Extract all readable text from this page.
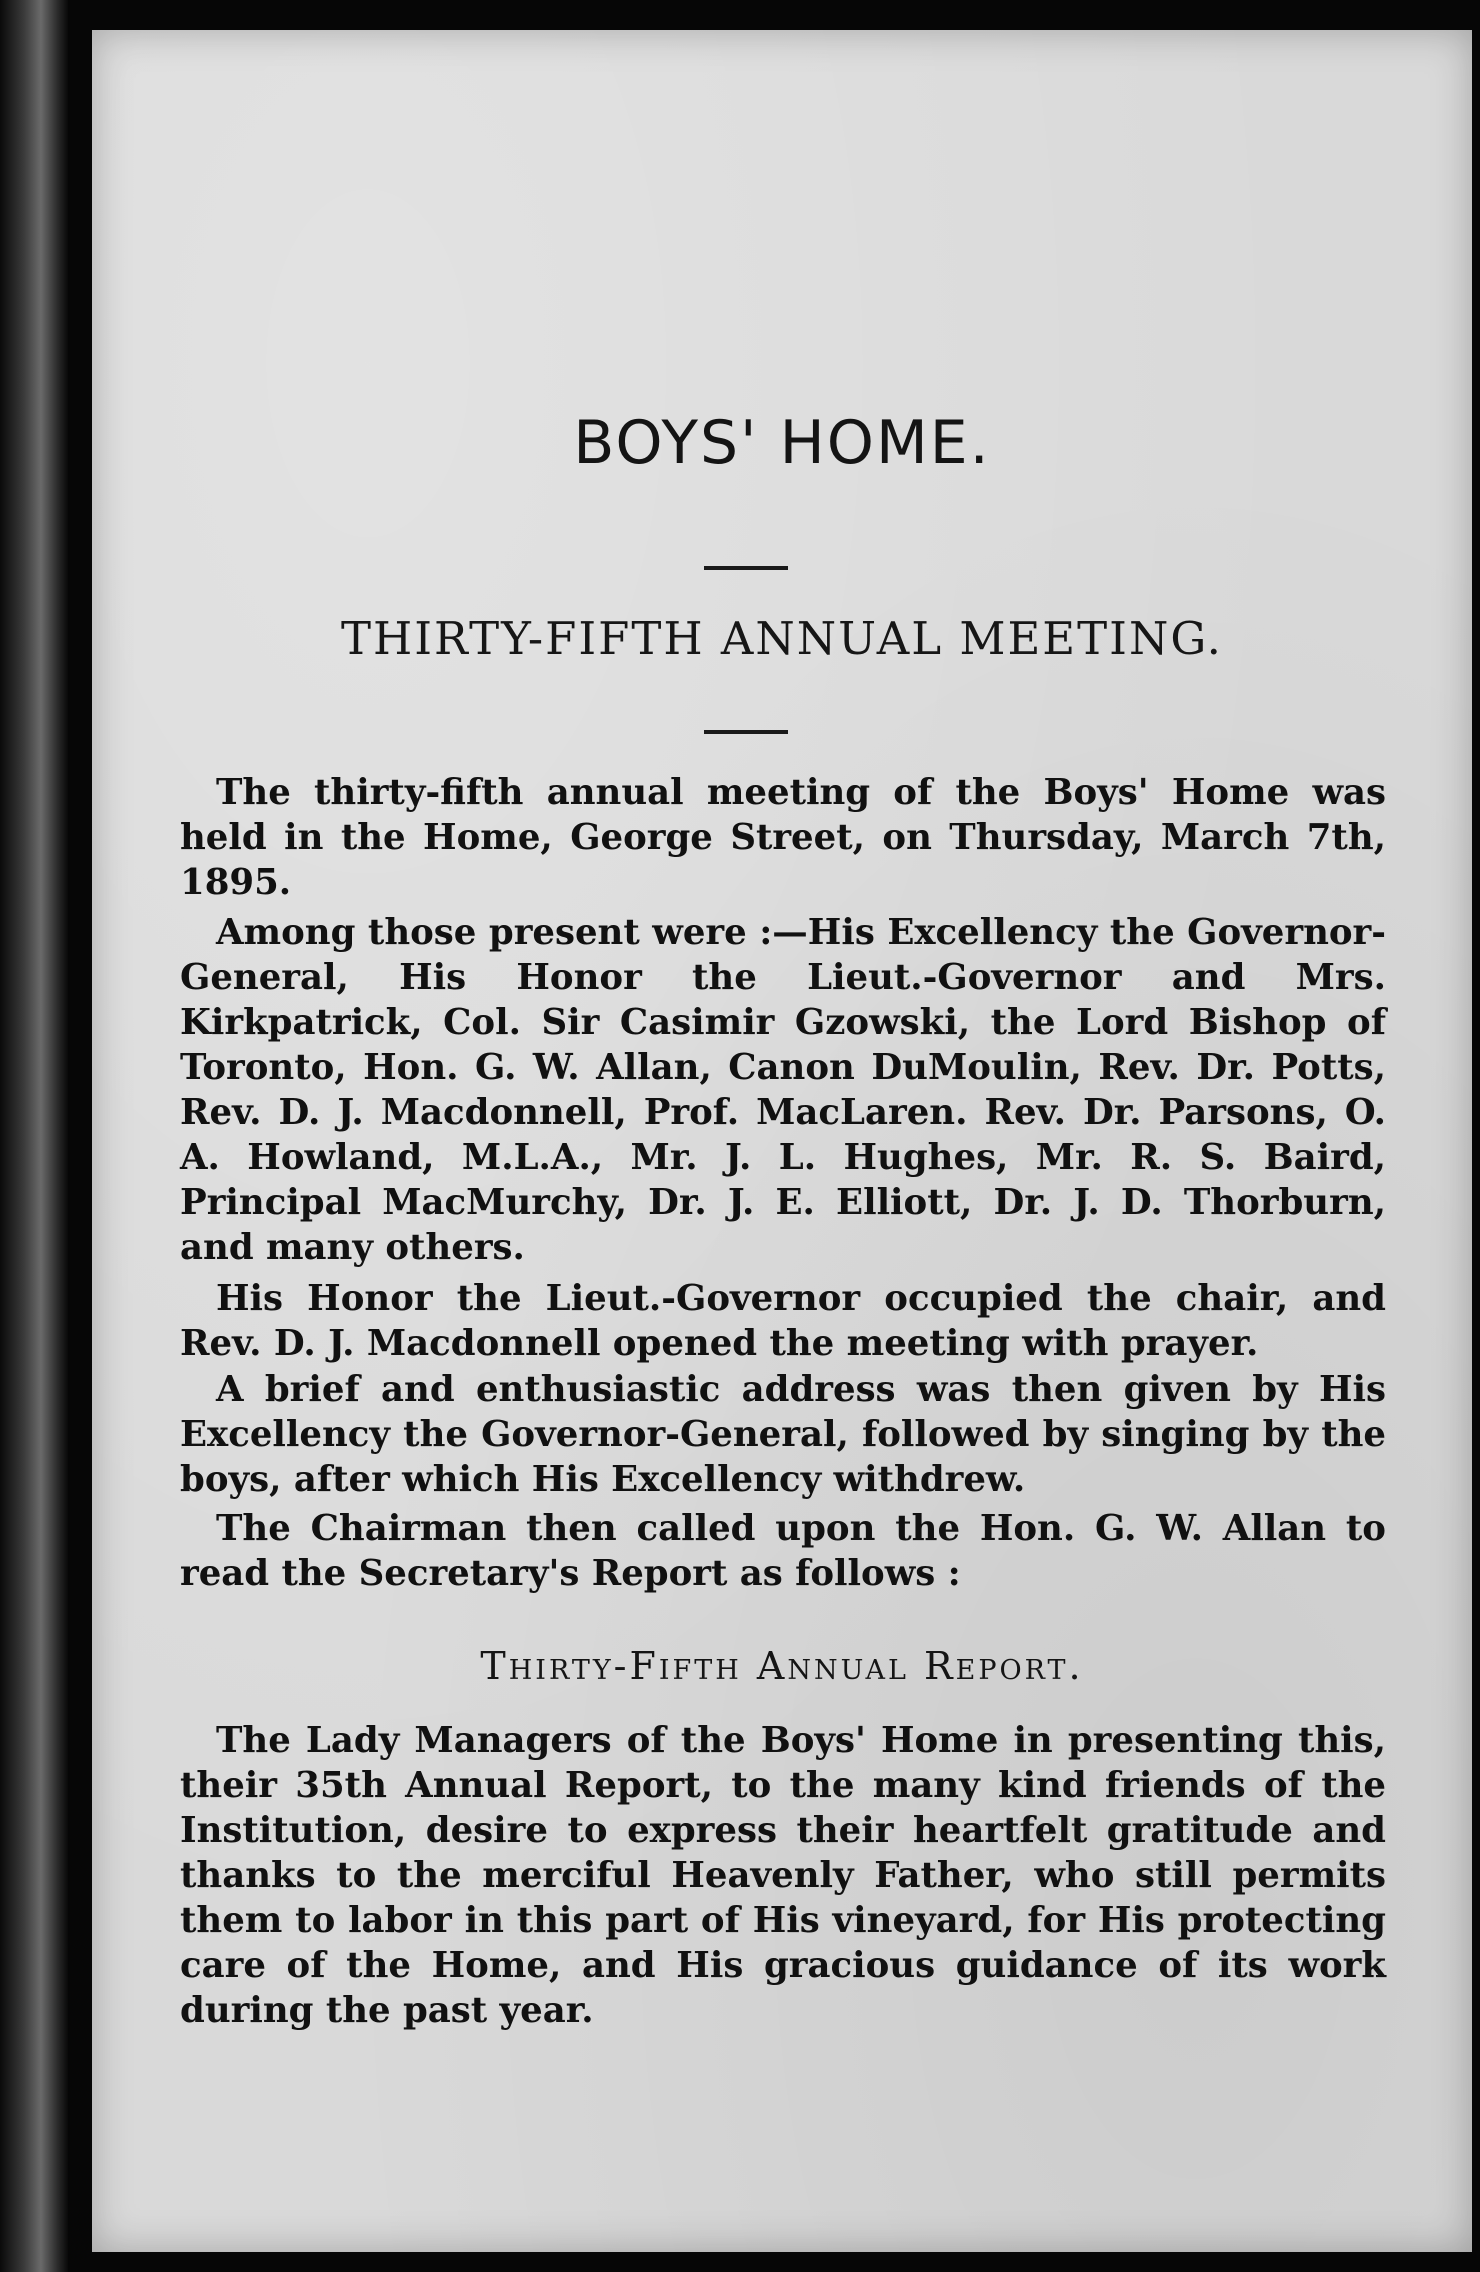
BOYS' HOME.
THIRTY-FIFTH ANNUAL MEETING.

The thirty-fifth annual meeting of the Boys' Home was held in the Home, George Street, on Thursday, March 7th, 1895.

Among those present were :—His Excellency the Governor-General, His Honor the Lieut.-Governor and Mrs. Kirkpatrick, Col. Sir Casimir Gzowski, the Lord Bishop of Toronto, Hon. G. W. Allan, Canon DuMoulin, Rev. Dr. Potts, Rev. D. J. Macdonnell, Prof. MacLaren. Rev. Dr. Parsons, O. A. Howland, M.L.A., Mr. J. L. Hughes, Mr. R. S. Baird, Principal MacMurchy, Dr. J. E. Elliott, Dr. J. D. Thorburn, and many others.

His Honor the Lieut.-Governor occupied the chair, and Rev. D. J. Macdonnell opened the meeting with prayer.

A brief and enthusiastic address was then given by His Excellency the Governor-General, followed by singing by the boys, after which His Excellency withdrew.

The Chairman then called upon the Hon. G. W. Allan to read the Secretary's Report as follows :

Thirty-Fifth Annual Report.

The Lady Managers of the Boys' Home in presenting this, their 35th Annual Report, to the many kind friends of the Institution, desire to express their heartfelt gratitude and thanks to the merciful Heavenly Father, who still permits them to labor in this part of His vineyard, for His protecting care of the Home, and His gracious guidance of its work during the past year.
